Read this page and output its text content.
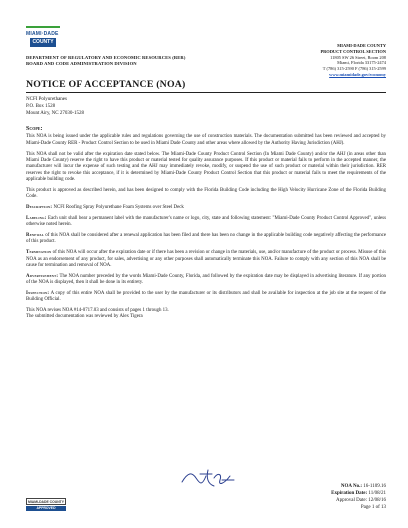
MIAMI·DADE
COUNTY
DEPARTMENT OF REGULATORY AND ECONOMIC RESOURCES (RER)
BOARD AND CODE ADMINISTRATION DIVISION
MIAMI-DADE COUNTY
PRODUCT CONTROL SECTION
11805 SW 26 Street, Room 208
Miami, Florida 33175-2474
T (786) 315-2590 F (786) 315-2599
www.miamidade.gov/economy
NOTICE OF ACCEPTANCE (NOA)
NCFI Polyurethanes
P.O. Box 1528
Mount Airy, NC 27030-1528
Scope:

This NOA is being issued under the applicable rules and regulations governing the use of construction materials. The documentation submitted has been reviewed and accepted by Miami-Dade County RER - Product Control Section to be used in Miami Dade County and other areas where allowed by the Authority Having Jurisdiction (AHJ).

This NOA shall not be valid after the expiration date stated below. The Miami-Dade County Product Control Section (In Miami Dade County) and/or the AHJ (in areas other than Miami Dade County) reserve the right to have this product or material tested for quality assurance purposes. If this product or material fails to perform in the accepted manner, the manufacturer will incur the expense of such testing and the AHJ may immediately revoke, modify, or suspend the use of such product or material within their jurisdiction. RER reserves the right to revoke this acceptance, if it is determined by Miami-Dade County Product Control Section that this product or material fails to meet the requirements of the applicable building code.

This product is approved as described herein, and has been designed to comply with the Florida Building Code including the High Velocity Hurricane Zone of the Florida Building Code.

Description: NCFI Roofing Spray Polyurethane Foam Systems over Steel Deck

Labeling: Each unit shall bear a permanent label with the manufacturer's name or logo, city, state and following statement: "Miami-Dade County Product Control Approved", unless otherwise noted herein.

Renewal of this NOA shall be considered after a renewal application has been filed and there has been no change in the applicable building code negatively affecting the performance of this product.

Termination of this NOA will occur after the expiration date or if there has been a revision or change in the materials, use, and/or manufacture of the product or process. Misuse of this NOA as an endorsement of any product, for sales, advertising or any other purposes shall automatically terminate this NOA. Failure to comply with any section of this NOA shall be cause for termination and removal of NOA.

Advertisement: The NOA number preceded by the words Miami-Dade County, Florida, and followed by the expiration date may be displayed in advertising literature. If any portion of the NOA is displayed, then it shall be done in its entirety.

Inspection: A copy of this entire NOA shall be provided to the user by the manufacturer or its distributors and shall be available for inspection at the job site at the request of the Building Official.

This NOA revises NOA #14-0717.03 and consists of pages 1 through 13.
The submitted documentation was reviewed by Alex Tigera
MIAMI-DADE COUNTY
APPROVED
NOA No.: 16-1109.16
Expiration Date: 11/08/21
Approval Date: 12/08/16
Page 1 of 13
